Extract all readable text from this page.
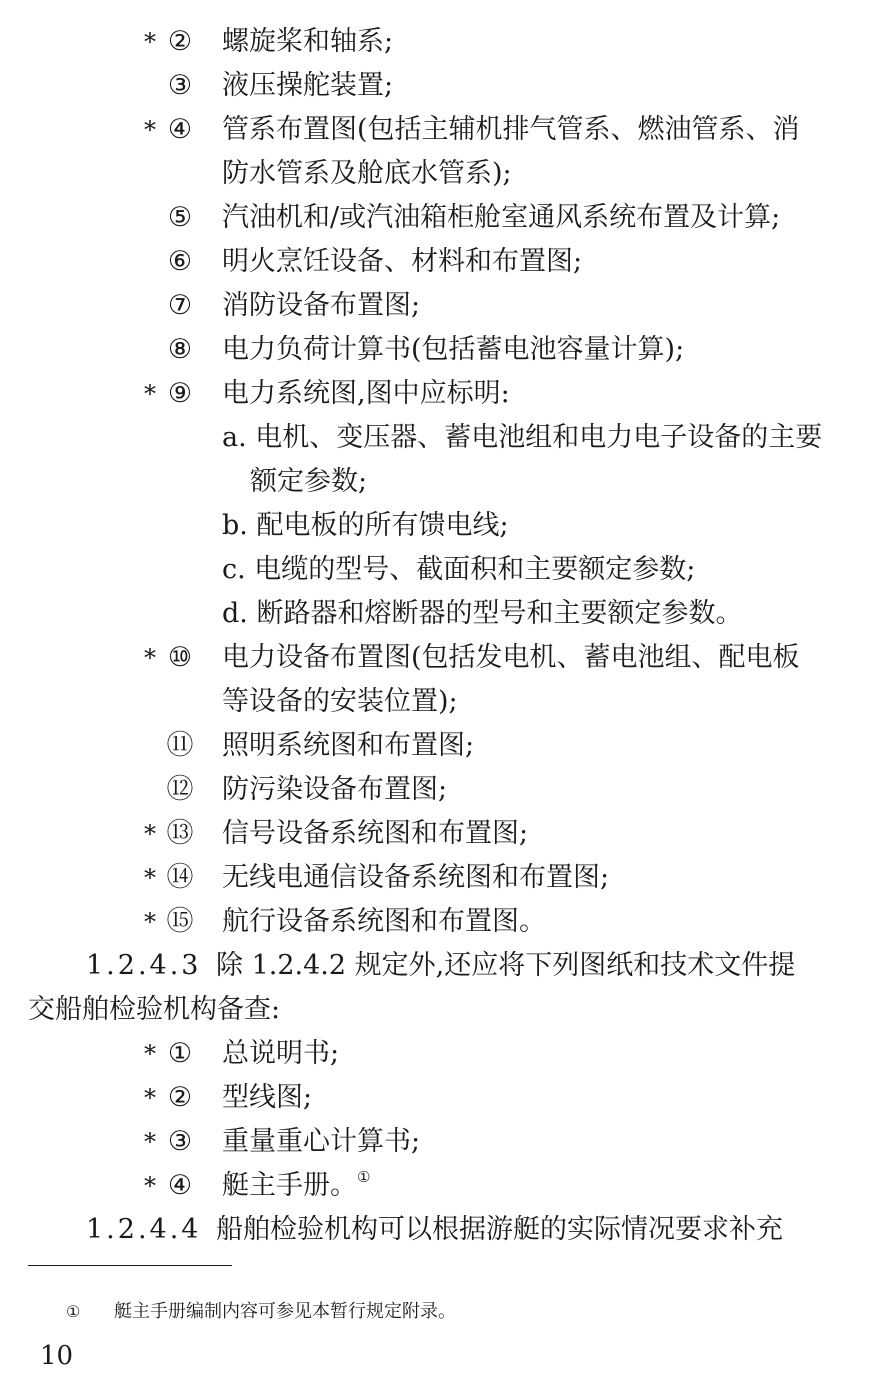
* ② 螺旋桨和轴系;
③ 液压操舵装置;
* ④ 管系布置图(包括主辅机排气管系、燃油管系、消
防水管系及舱底水管系);
⑤ 汽油机和/或汽油箱柜舱室通风系统布置及计算;
⑥ 明火烹饪设备、材料和布置图;
⑦ 消防设备布置图;
⑧ 电力负荷计算书(包括蓄电池容量计算);
* ⑨ 电力系统图,图中应标明:
a. 电机、变压器、蓄电池组和电力电子设备的主要
额定参数;
b. 配电板的所有馈电线;
c. 电缆的型号、截面积和主要额定参数;
d. 断路器和熔断器的型号和主要额定参数。
* ⑩ 电力设备布置图(包括发电机、蓄电池组、配电板
等设备的安装位置);
⑪ 照明系统图和布置图;
⑫ 防污染设备布置图;
* ⑬ 信号设备系统图和布置图;
* ⑭ 无线电通信设备系统图和布置图;
* ⑮ 航行设备系统图和布置图。
1.2.4.3 除 1.2.4.2 规定外,还应将下列图纸和技术文件提
交船舶检验机构备查:
* ① 总说明书;
* ② 型线图;
* ③ 重量重心计算书;
* ④ 艇主手册。①
1.2.4.4 船舶检验机构可以根据游艇的实际情况要求补充
① 艇主手册编制内容可参见本暂行规定附录。
10
